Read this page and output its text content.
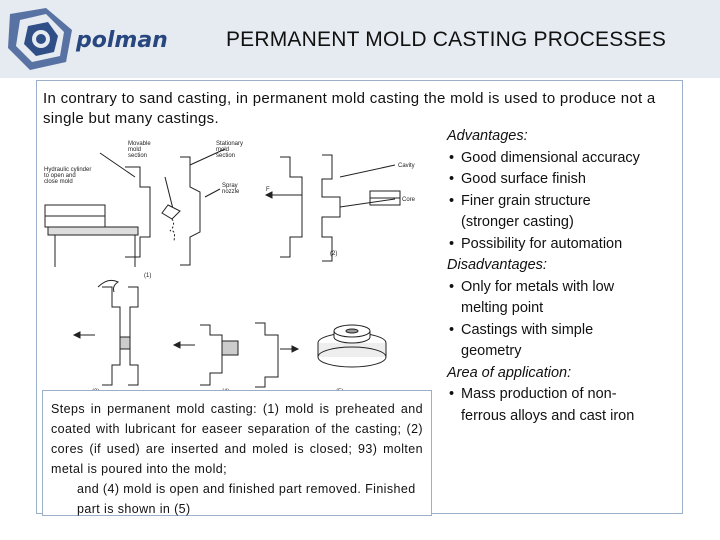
polman	PERMANENT MOLD CASTING PROCESSES
In contrary to sand casting, in permanent mold casting the mold is used to produce not a single but many castings.
Advantages:
• Good dimensional accuracy
• Good surface finish
• Finer grain structure
(stronger casting)
• Possibility for automation
Disadvantages:
• Only for metals with low
melting point
• Castings with simple
geometry
Area of application:
• Mass production of non-
ferrous alloys and cast iron
Movable
mold
section
Hydraulic cylinder
to open and
close mold
Stationary
mold
section
Spray
nozzle
Cavity
Core
F
(1)
(2)
Steps in permanent mold casting: (1) mold is preheated and coated with lubricant for easeer separation of the casting; (2) cores (if used) are inserted and moled is closed; 93) molten metal is poured into the mold;
and (4) mold is open and finished part removed. Finished part is shown in (5)
